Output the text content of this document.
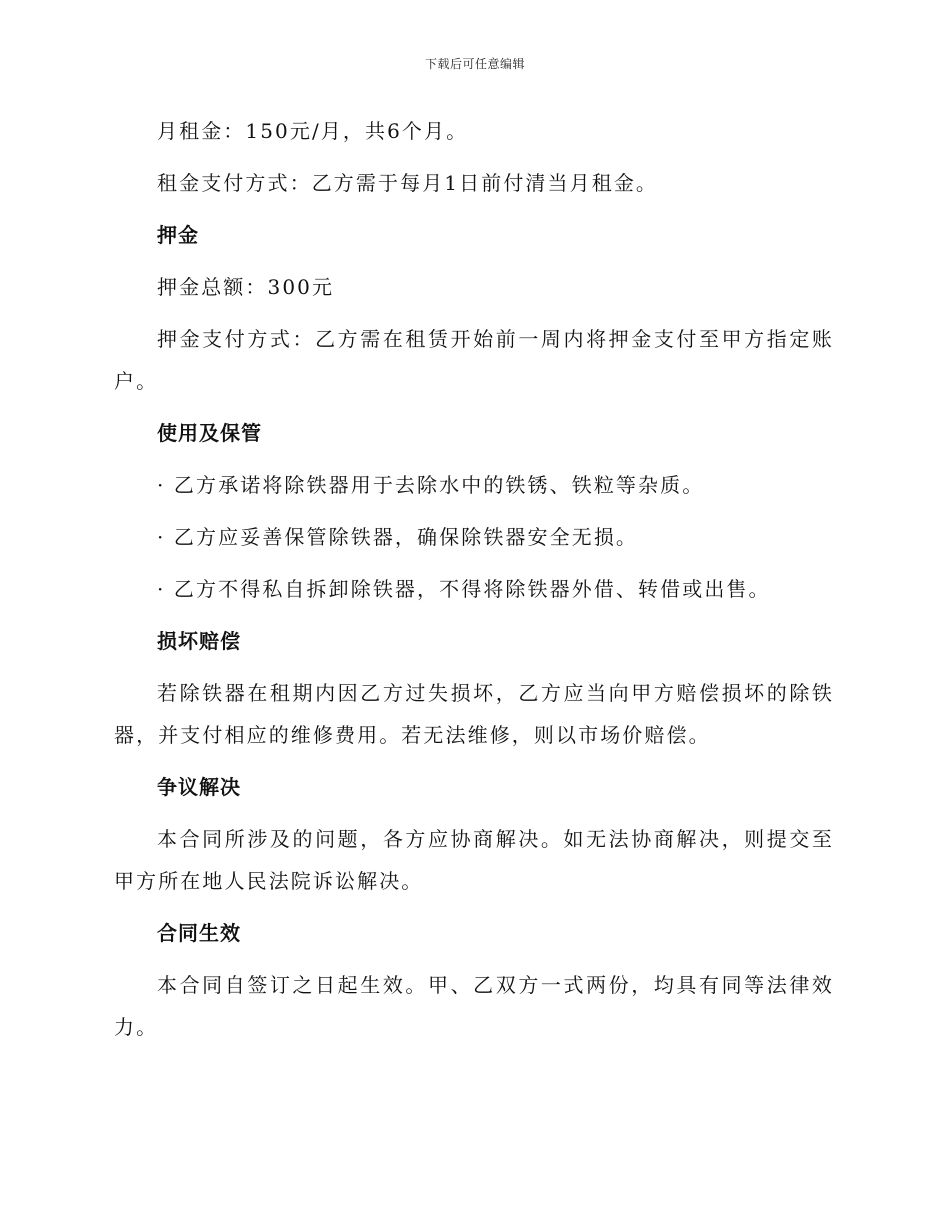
下载后可任意编辑

月租金：150元/月，共6个月。

租金支付方式：乙方需于每月1日前付清当月租金。

押金

押金总额：300元

押金支付方式：乙方需在租赁开始前一周内将押金支付至甲方指定账户。

使用及保管
· 乙方承诺将除铁器用于去除水中的铁锈、铁粒等杂质。
· 乙方应妥善保管除铁器，确保除铁器安全无损。
· 乙方不得私自拆卸除铁器，不得将除铁器外借、转借或出售。
损坏赔偿

若除铁器在租期内因乙方过失损坏，乙方应当向甲方赔偿损坏的除铁器，并支付相应的维修费用。若无法维修，则以市场价赔偿。

争议解决

本合同所涉及的问题，各方应协商解决。如无法协商解决，则提交至甲方所在地人民法院诉讼解决。

合同生效

本合同自签订之日起生效。甲、乙双方一式两份，均具有同等法律效力。
